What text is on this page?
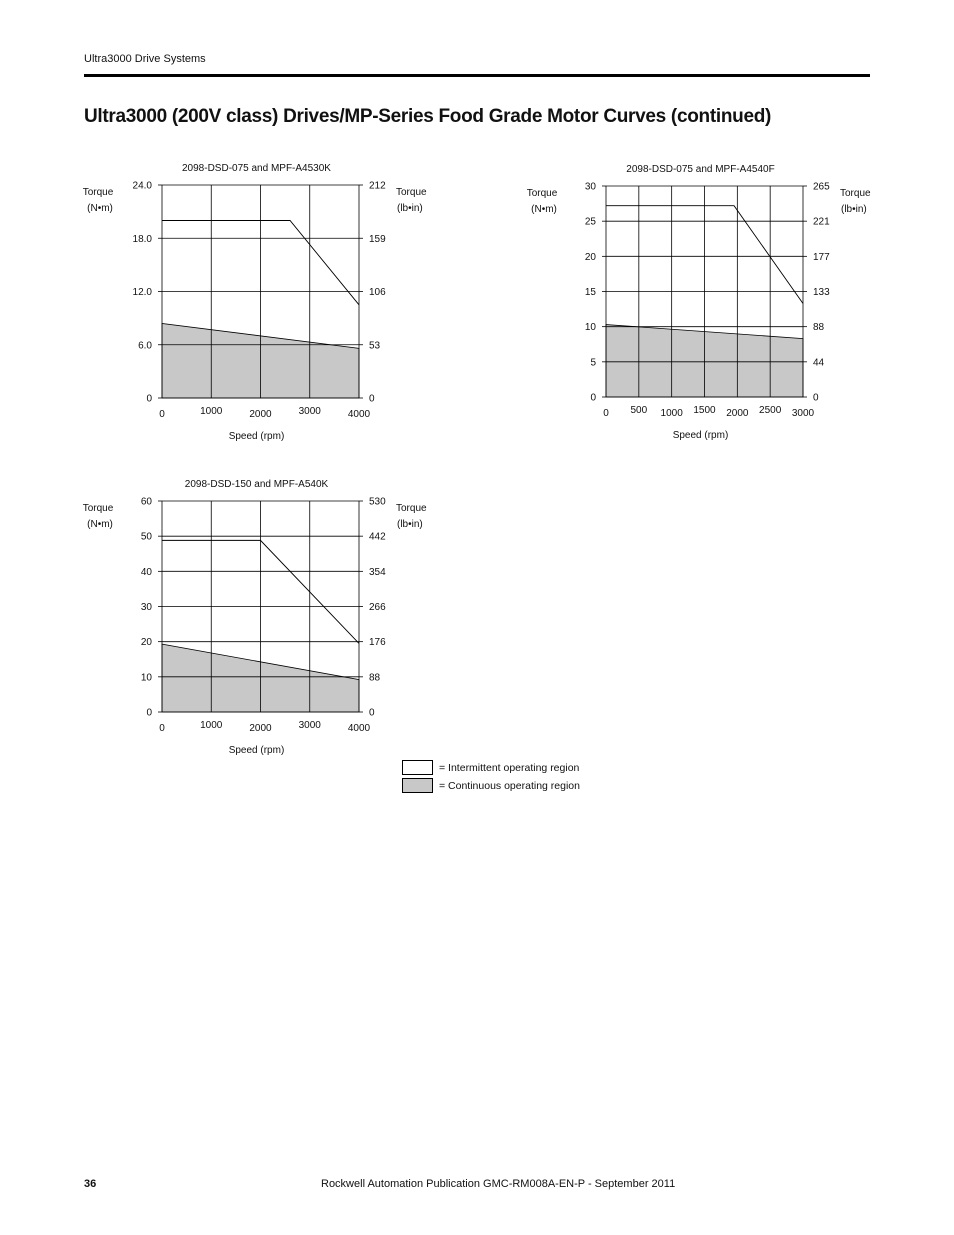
Ultra3000 Drive Systems
Ultra3000 (200V class) Drives/MP-Series Food Grade Motor Curves (continued)
0	0
6.0	53
12.0	106
18.0	159
24.0	212
0	1000	2000	3000	4000
2098-DSD-075 and MPF-A4530K
Speed (rpm)
Torque
(N•m)
Torque
(lb•in)
0	0
5	44
10	88
15	133
20	177
25	221
30	265
0 500 1000 1500 2000 2500 3000
2098-DSD-075 and MPF-A4540F
Speed (rpm)
Torque
(N•m)
Torque
(lb•in)
0	0
10	88
20	176
30	266
40	354
50	442
60	530
0	1000	2000	3000	4000
2098-DSD-150 and MPF-A540K
Speed (rpm)
Torque
(N•m)
Torque
(lb•in)
= Intermittent operating region
= Continuous operating region
36	Rockwell Automation Publication GMC-RM008A-EN-P - September 2011
